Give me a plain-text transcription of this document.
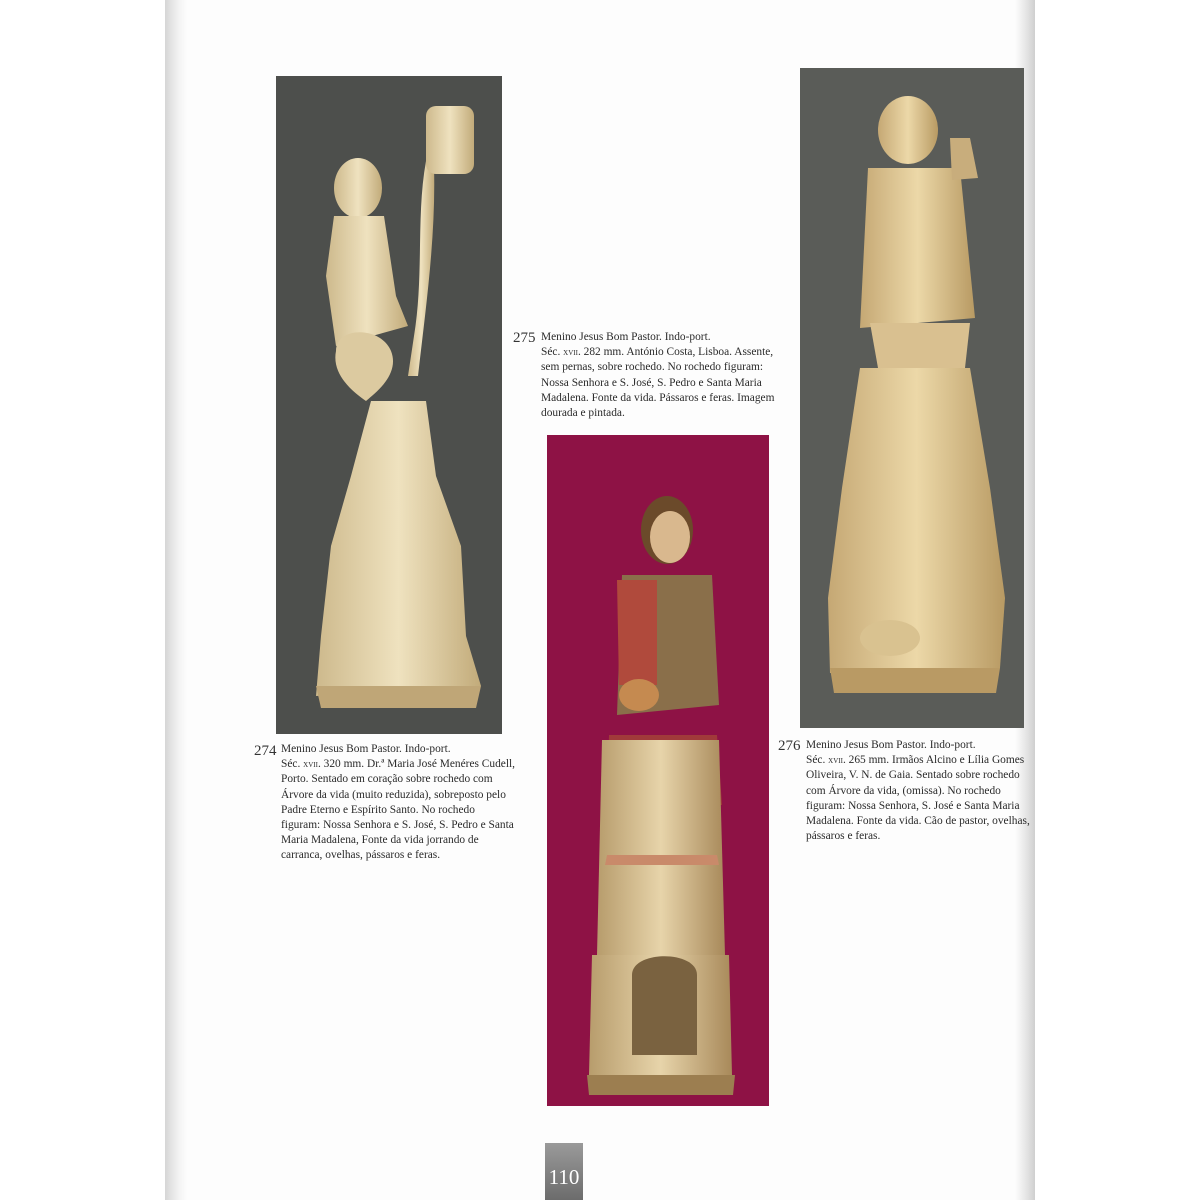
274 Menino Jesus Bom Pastor. Indo-port.
Séc. xvii. 320 mm. Dr.ª Maria José Menéres Cudell, Porto. Sentado em coração sobre rochedo com Árvore da vida (muito reduzida), sobreposto pelo Padre Eterno e Espírito Santo. No rochedo figuram: Nossa Senhora e S. José, S. Pedro e Santa Maria Madalena, Fonte da vida jorrando de carranca, ovelhas, pássaros e feras.
275 Menino Jesus Bom Pastor. Indo-port.
Séc. xvii. 282 mm. António Costa, Lisboa. Assente, sem pernas, sobre rochedo. No rochedo figuram: Nossa Senhora e S. José, S. Pedro e Santa Maria Madalena. Fonte da vida. Pássaros e feras. Imagem dourada e pintada.
276 Menino Jesus Bom Pastor. Indo-port.
Séc. xvii. 265 mm. Irmãos Alcino e Lília Gomes Oliveira, V. N. de Gaia. Sentado sobre rochedo com Árvore da vida, (omissa). No rochedo figuram: Nossa Senhora, S. José e Santa Maria Madalena. Fonte da vida. Cão de pastor, ovelhas, pássaros e feras.
110
